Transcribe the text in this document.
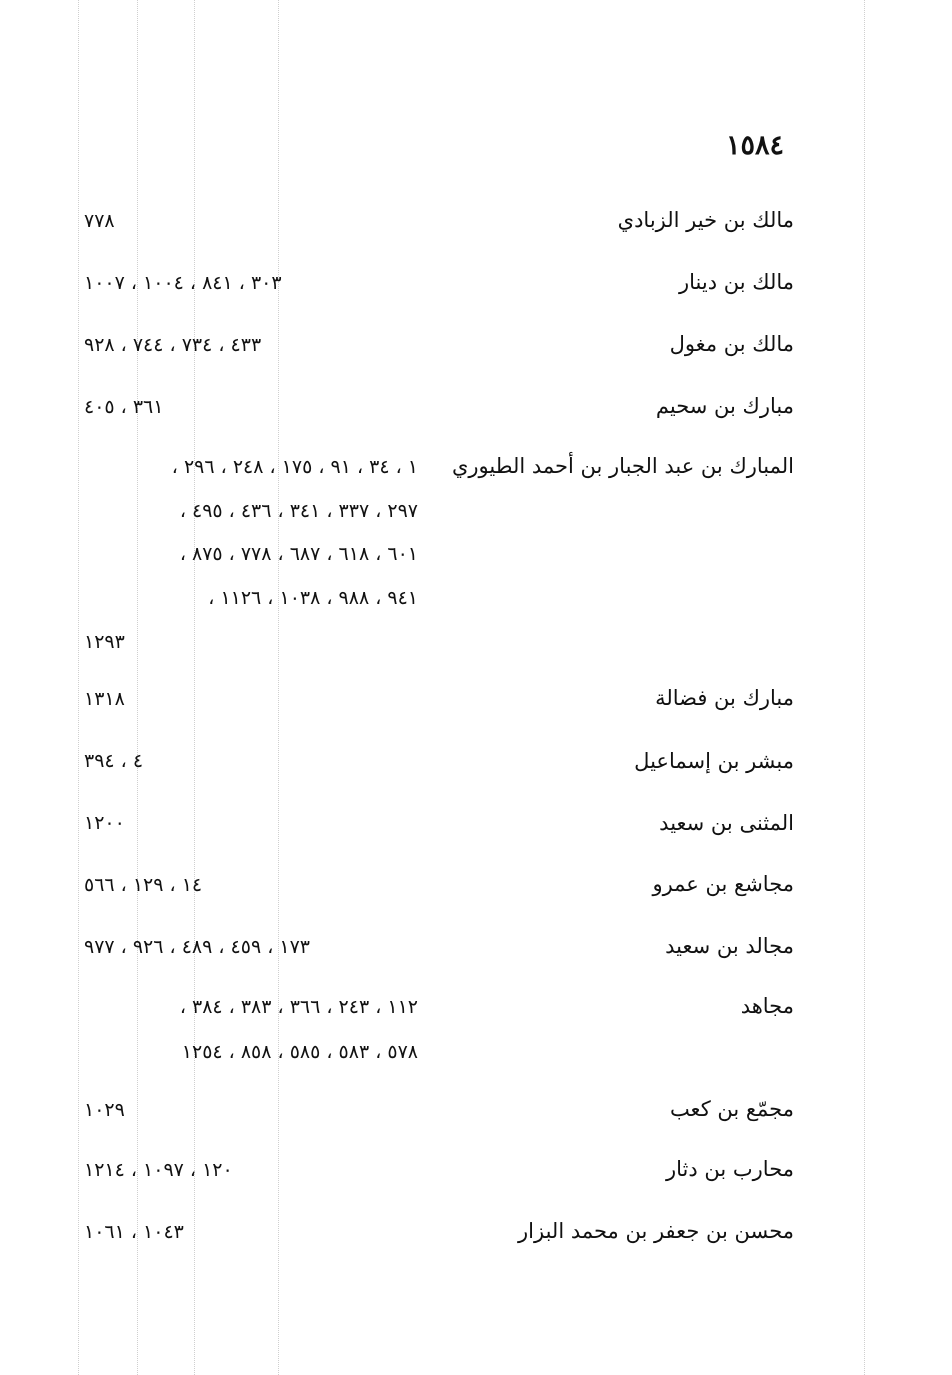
١٥٨٤
مالك بن خير الزبادي
٧٧٨
مالك بن دينار
٣٠٣ ، ٨٤١ ، ١٠٠٤ ، ١٠٠٧
مالك بن مغول
٤٣٣ ، ٧٣٤ ، ٧٤٤ ، ٩٢٨
مبارك بن سحيم
٣٦١ ، ٤٠٥
المبارك بن عبد الجبار بن أحمد الطيوري
١ ، ٣٤ ، ٩١ ، ١٧٥ ، ٢٤٨ ، ٢٩٦ ،
٢٩٧ ، ٣٣٧ ، ٣٤١ ، ٤٣٦ ، ٤٩٥ ،
٦٠١ ، ٦١٨ ، ٦٨٧ ، ٧٧٨ ، ٨٧٥ ،
٩٤١ ، ٩٨٨ ، ١٠٣٨ ، ١١٢٦ ،
١٢٩٣
مبارك بن فضالة
١٣١٨
مبشر بن إسماعيل
٤ ، ٣٩٤
المثنى بن سعيد
١٢٠٠
مجاشع بن عمرو
١٤ ، ١٢٩ ، ٥٦٦
مجالد بن سعيد
١٧٣ ، ٤٥٩ ، ٤٨٩ ، ٩٢٦ ، ٩٧٧
مجاهد
١١٢ ، ٢٤٣ ، ٣٦٦ ، ٣٨٣ ، ٣٨٤ ،
٥٧٨ ، ٥٨٣ ، ٥٨٥ ، ٨٥٨ ، ١٢٥٤
مجمّع بن كعب
١٠٢٩
محارب بن دثار
١٢٠ ، ١٠٩٧ ، ١٢١٤
محسن بن جعفر بن محمد البزار
١٠٤٣ ، ١٠٦١
